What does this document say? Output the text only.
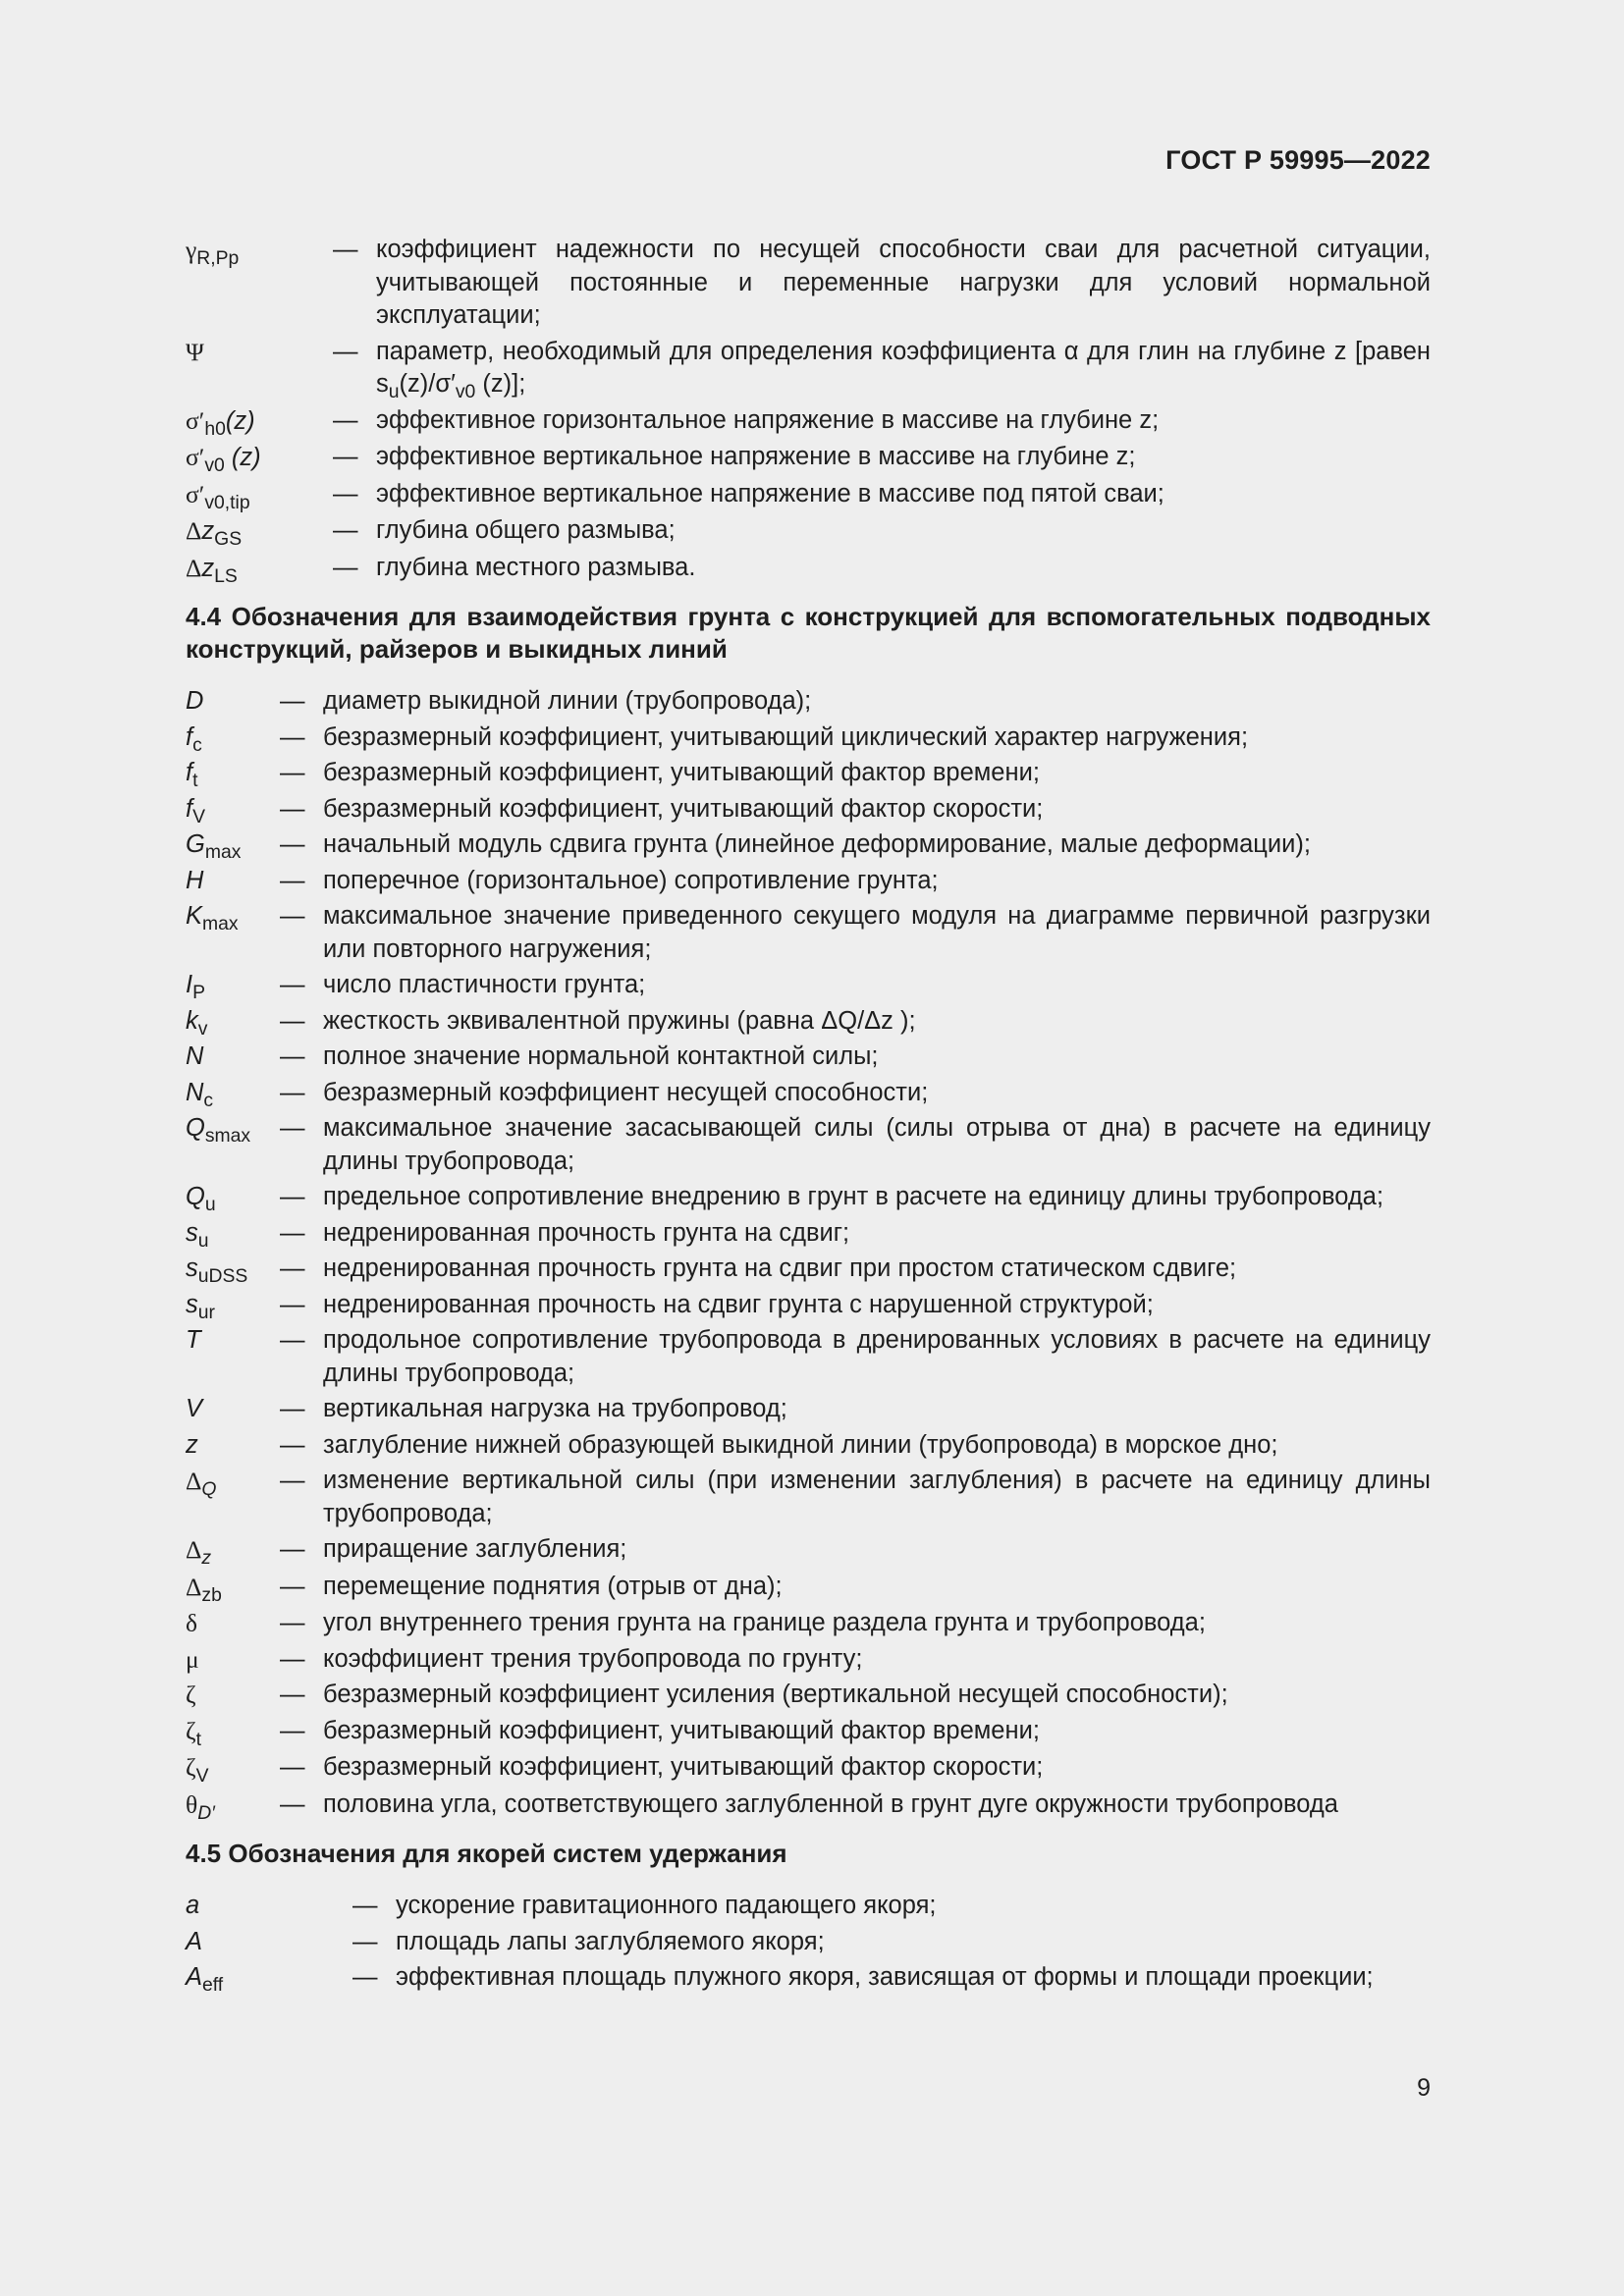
ГОСТ Р 59995—2022
$\gamma_{R,Pp}$	— коэффициент надежности по несущей способности сваи для расчетной ситуации, учитывающей постоянные и переменные нагрузки для условий нормальной эксплуатации;
Ψ	— параметр, необходимый для определения коэффициента α для глин на глубине z [равен $s_u(z)/\sigma'_{v0}$ (z)];
$\sigma'_{h0}(z)$	— эффективное горизонтальное напряжение в массиве на глубине z;
$\sigma'_{v0}$ (z)	— эффективное вертикальное напряжение в массиве на глубине z;
$\sigma'_{v0,tip}$	— эффективное вертикальное напряжение в массиве под пятой сваи;
$\Delta z_{GS}$	— глубина общего размыва;
$\Delta z_{LS}$	— глубина местного размыва.
4.4 Обозначения для взаимодействия грунта с конструкцией для вспомогательных подводных конструкций, райзеров и выкидных линий
D	— диаметр выкидной линии (трубопровода);
$f_c$	— безразмерный коэффициент, учитывающий циклический характер нагружения;
$f_t$	— безразмерный коэффициент, учитывающий фактор времени;
$f_V$	— безразмерный коэффициент, учитывающий фактор скорости;
$G_{max}$	— начальный модуль сдвига грунта (линейное деформирование, малые деформации);
H	— поперечное (горизонтальное) сопротивление грунта;
$K_{max}$	— максимальное значение приведенного секущего модуля на диаграмме первичной разгрузки или повторного нагружения;
$I_P$	— число пластичности грунта;
$k_v$	— жесткость эквивалентной пружины (равна ΔQ/Δz );
N	— полное значение нормальной контактной силы;
$N_c$	— безразмерный коэффициент несущей способности;
$Q_{smax}$	— максимальное значение засасывающей силы (силы отрыва от дна) в расчете на единицу длины трубопровода;
$Q_u$	— предельное сопротивление внедрению в грунт в расчете на единицу длины трубопровода;
$s_u$	— недренированная прочность грунта на сдвиг;
$s_{uDSS}$	— недренированная прочность грунта на сдвиг при простом статическом сдвиге;
$s_{ur}$	— недренированная прочность на сдвиг грунта с нарушенной структурой;
T	— продольное сопротивление трубопровода в дренированных условиях в расчете на единицу длины трубопровода;
V	— вертикальная нагрузка на трубопровод;
z	— заглубление нижней образующей выкидной линии (трубопровода) в морское дно;
$\Delta_Q$	— изменение вертикальной силы (при изменении заглубления) в расчете на единицу длины трубопровода;
$\Delta_z$	— приращение заглубления;
$\Delta_{zb}$	— перемещение поднятия (отрыв от дна);
δ	— угол внутреннего трения грунта на границе раздела грунта и трубопровода;
μ	— коэффициент трения трубопровода по грунту;
ζ	— безразмерный коэффициент усиления (вертикальной несущей способности);
$\zeta_t$	— безразмерный коэффициент, учитывающий фактор времени;
$\zeta_V$	— безразмерный коэффициент, учитывающий фактор скорости;
$\theta_{D'}$	— половина угла, соответствующего заглубленной в грунт дуге окружности трубопровода
4.5 Обозначения для якорей систем удержания
a	— ускорение гравитационного падающего якоря;
A	— площадь лапы заглубляемого якоря;
$A_{eff}$	— эффективная площадь плужного якоря, зависящая от формы и площади проекции;
9
